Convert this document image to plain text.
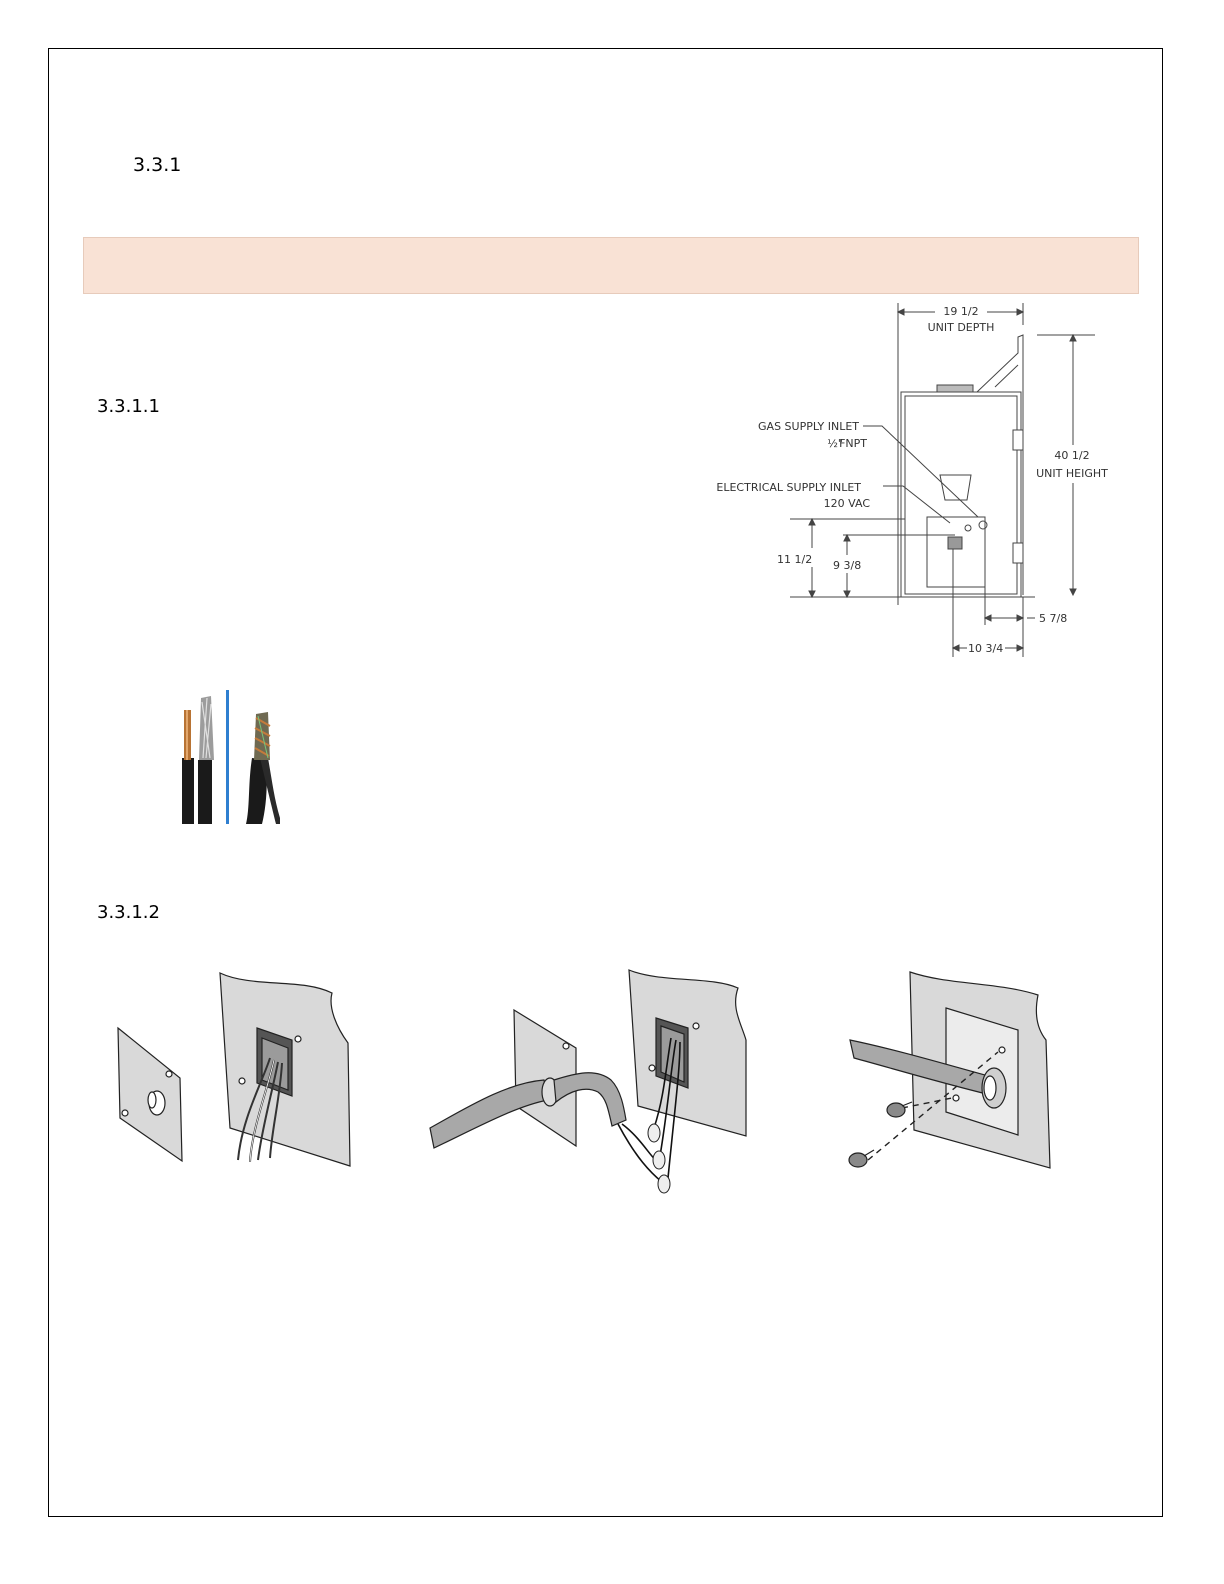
3.3.1
3.3.1.1
3.3.1.2
19 1/2
UNIT DEPTH
40 1/2
UNIT HEIGHT
GAS SUPPLY INLET
½"
FNPT
ELECTRICAL SUPPLY INLET
120 VAC
11 1/2 9 3/8
5 7/8
10 3/4
